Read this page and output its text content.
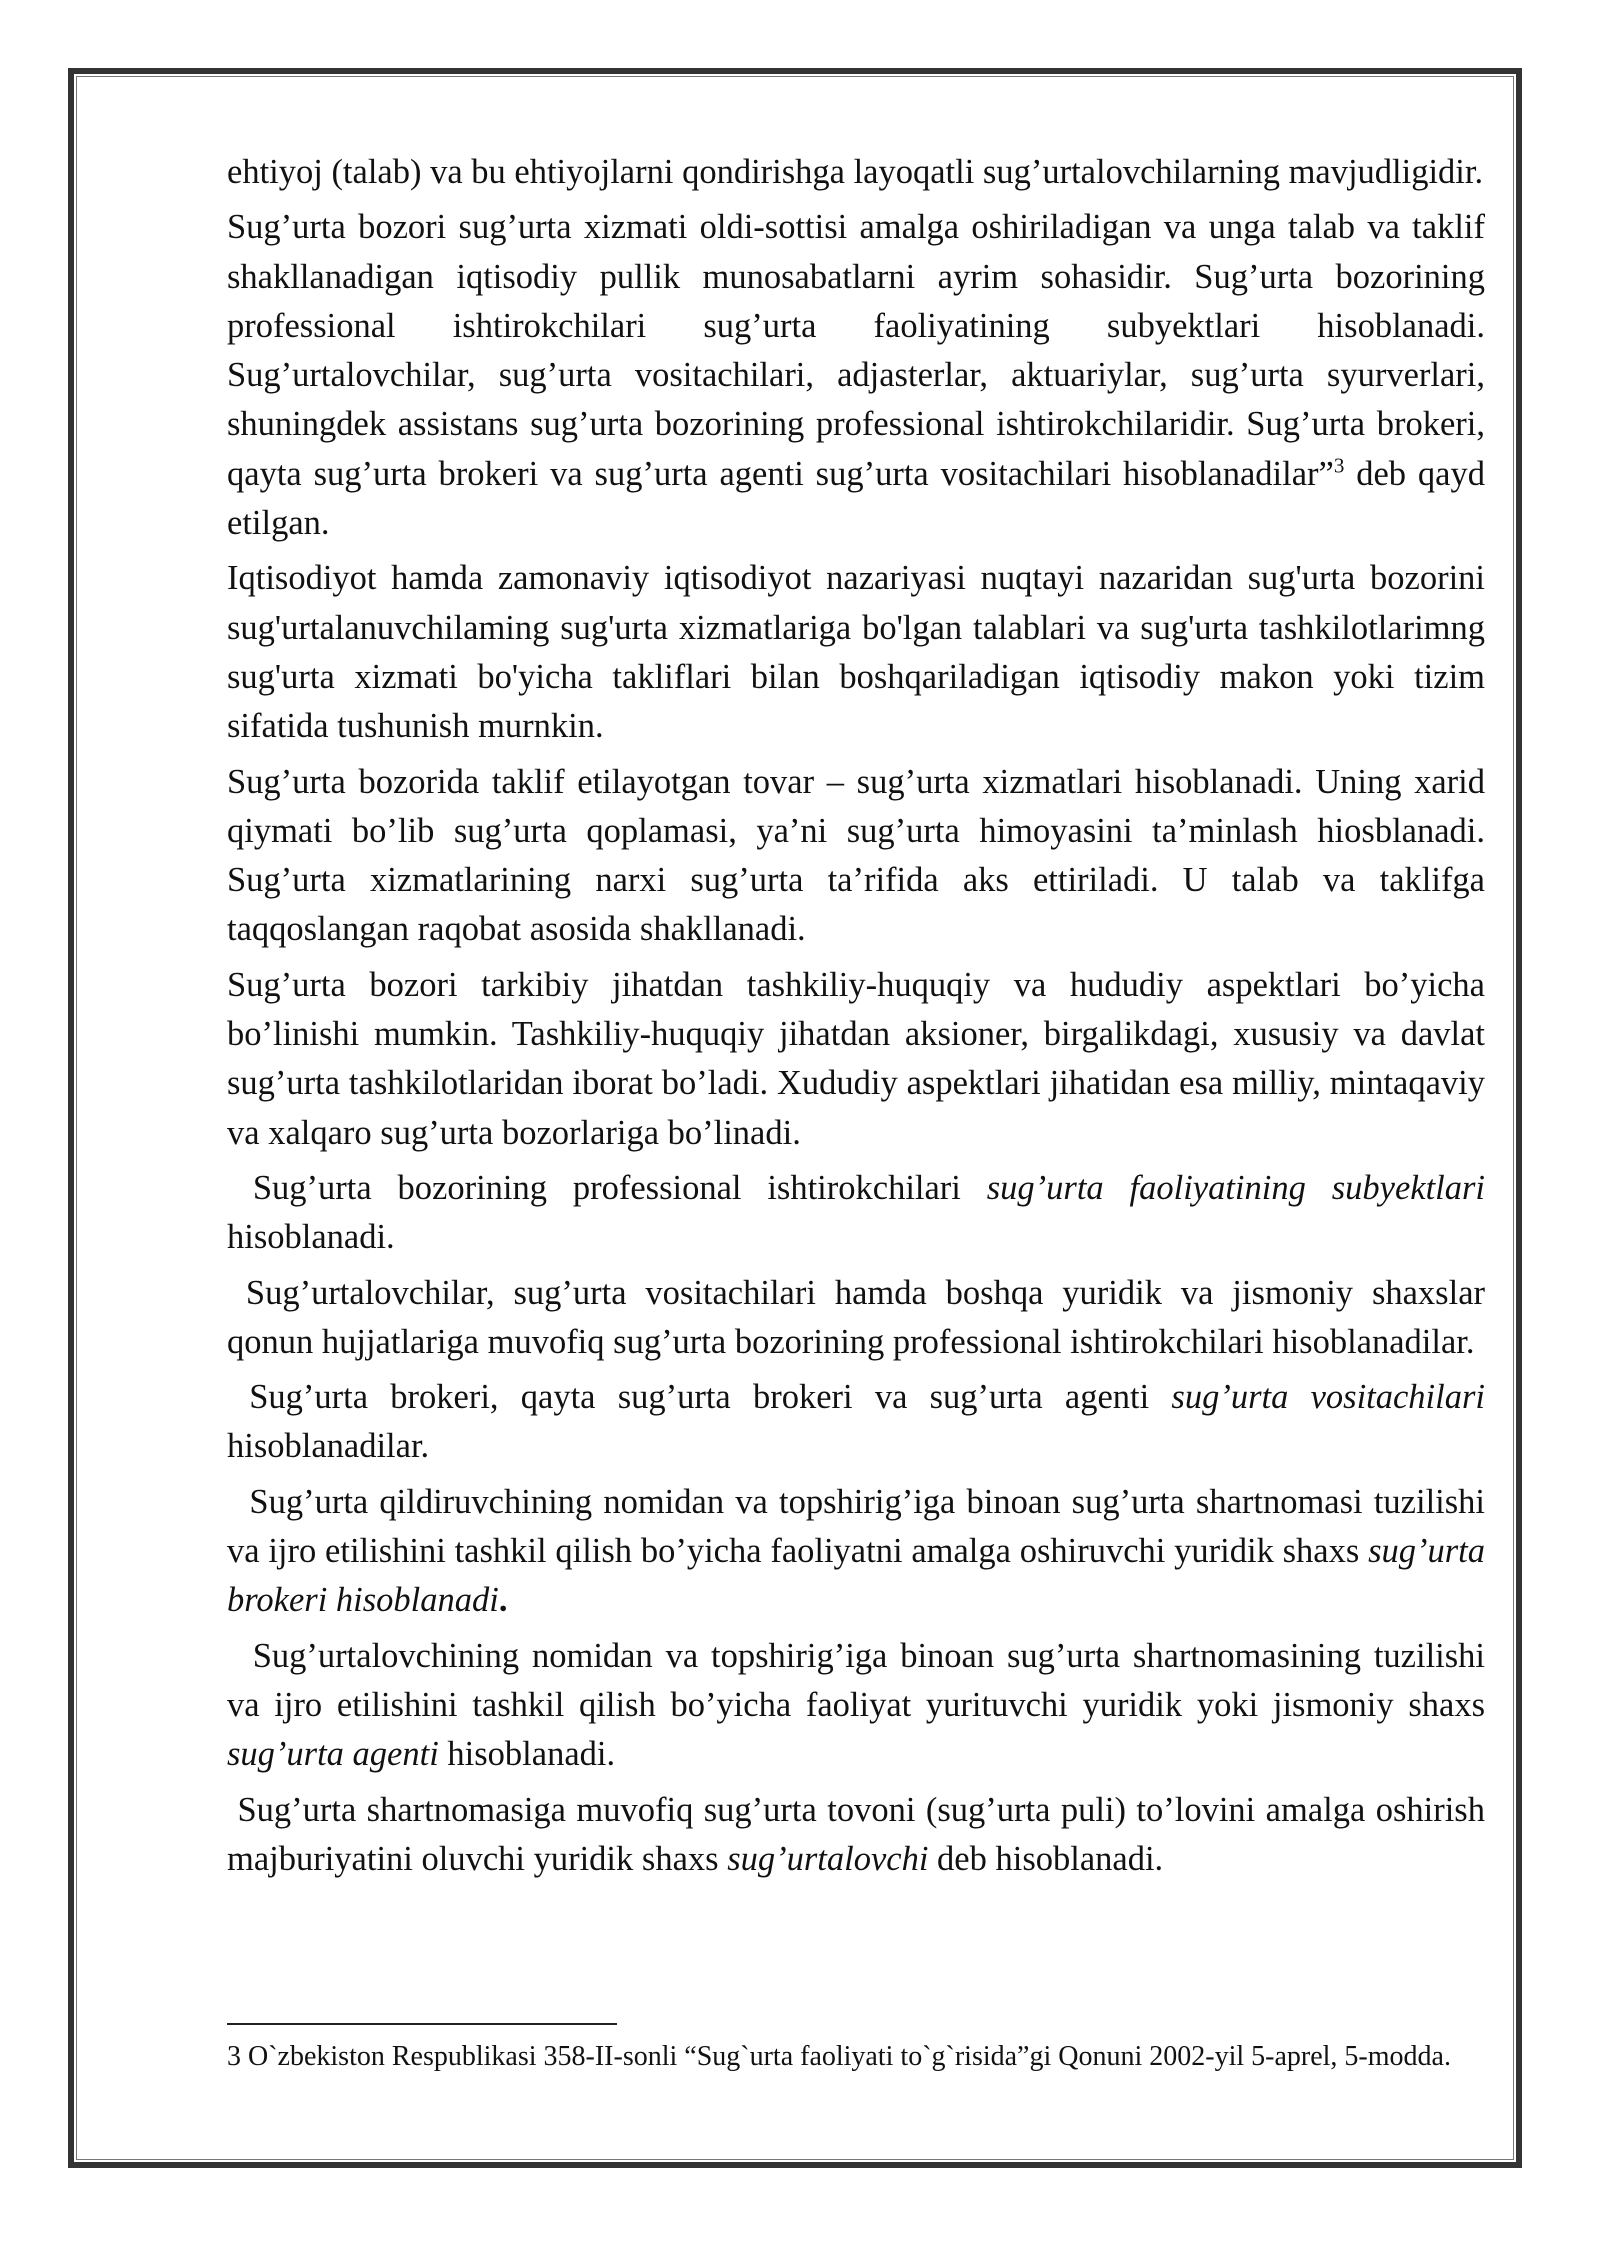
ehtiyoj (talab) va bu ehtiyojlarni qondirishga layoqatli sug’urtalovchilarning mavjudligidir.

Sug’urta bozori sug’urta xizmati oldi-sottisi amalga oshiriladigan va unga talab va taklif shakllanadigan iqtisodiy pullik munosabatlarni ayrim sohasidir. Sug’urta bozorining professional ishtirokchilari sug’urta faoliyatining subyektlari hisoblanadi. Sug’urtalovchilar, sug’urta vositachilari, adjasterlar, aktuariylar, sug’urta syurverlari, shuningdek assistans sug’urta bozorining professional ishtirokchilaridir. Sug’urta brokeri, qayta sug’urta brokeri va sug’urta agenti sug’urta vositachilari hisoblanadilar”$^3$ deb qayd etilgan.

Iqtisodiyot hamda zamonaviy iqtisodiyot nazariyasi nuqtayi nazaridan sug'urta bozorini sug'urtalanuvchilaming sug'urta xizmatlariga bo'lgan talablari va sug'urta tashkilotlarimng sug'urta xizmati bo'yicha takliflari bilan boshqariladigan iqtisodiy makon yoki tizim sifatida tushunish murnkin.

Sug’urta bozorida taklif etilayotgan tovar – sug’urta xizmatlari hisoblanadi. Uning xarid qiymati bo’lib sug’urta qoplamasi, ya’ni sug’urta himoyasini ta’minlash hiosblanadi. Sug’urta xizmatlarining narxi sug’urta ta’rifida aks ettiriladi. U talab va taklifga taqqoslangan raqobat asosida shakllanadi.

Sug’urta bozori tarkibiy jihatdan tashkiliy-huquqiy va hududiy aspektlari bo’yicha bo’linishi mumkin. Tashkiliy-huquqiy jihatdan aksioner, birgalikdagi, xususiy va davlat sug’urta tashkilotlaridan iborat bo’ladi. Xududiy aspektlari jihatidan esa milliy, mintaqaviy va xalqaro sug’urta bozorlariga bo’linadi.

Sug’urta bozorining professional ishtirokchilari sug’urta faoliyatining subyektlari hisoblanadi.

Sug’urtalovchilar, sug’urta vositachilari hamda boshqa yuridik va jismoniy shaxslar qonun hujjatlariga muvofiq sug’urta bozorining professional ishtirokchilari hisoblanadilar.

Sug’urta brokeri, qayta sug’urta brokeri va sug’urta agenti sug’urta vositachilari hisoblanadilar.

Sug’urta qildiruvchining nomidan va topshirig’iga binoan sug’urta shartnomasi tuzilishi va ijro etilishini tashkil qilish bo’yicha faoliyatni amalga oshiruvchi yuridik shaxs sug’urta brokeri hisoblanadi.

Sug’urtalovchining nomidan va topshirig’iga binoan sug’urta shartnomasining tuzilishi va ijro etilishini tashkil qilish bo’yicha faoliyat yurituvchi yuridik yoki jismoniy shaxs sug’urta agenti hisoblanadi.

Sug’urta shartnomasiga muvofiq sug’urta tovoni (sug’urta puli) to’lovini amalga oshirish majburiyatini oluvchi yuridik shaxs sug’urtalovchi deb hisoblanadi.

3 O`zbekiston Respublikasi 358-II-sonli “Sug`urta faoliyati to`g`risida”gi Qonuni 2002-yil 5-aprel, 5-modda.
